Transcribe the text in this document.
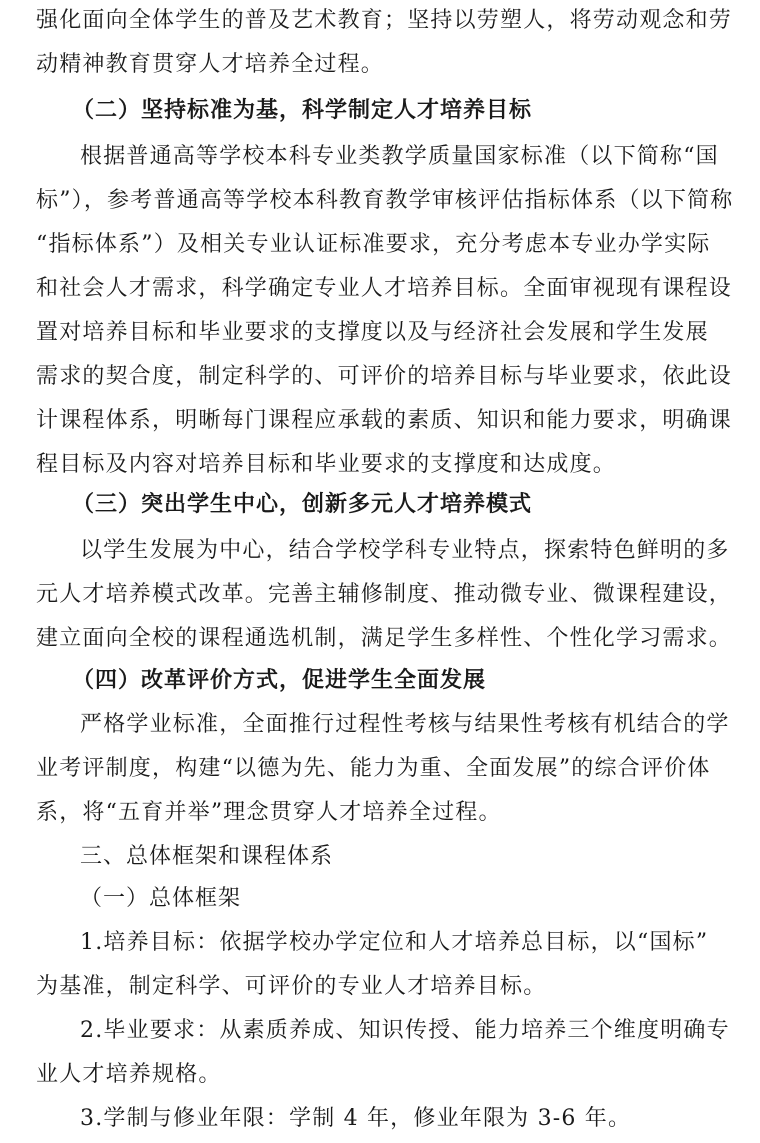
强化面向全体学生的普及艺术教育；坚持以劳塑人，将劳动观念和劳
动精神教育贯穿人才培养全过程。
（二）坚持标准为基，科学制定人才培养目标
根据普通高等学校本科专业类教学质量国家标准（以下简称“国
标”），参考普通高等学校本科教育教学审核评估指标体系（以下简称
“指标体系”）及相关专业认证标准要求，充分考虑本专业办学实际
和社会人才需求，科学确定专业人才培养目标。全面审视现有课程设
置对培养目标和毕业要求的支撑度以及与经济社会发展和学生发展
需求的契合度，制定科学的、可评价的培养目标与毕业要求，依此设
计课程体系，明晰每门课程应承载的素质、知识和能力要求，明确课
程目标及内容对培养目标和毕业要求的支撑度和达成度。
（三）突出学生中心，创新多元人才培养模式
以学生发展为中心，结合学校学科专业特点，探索特色鲜明的多
元人才培养模式改革。完善主辅修制度、推动微专业、微课程建设，
建立面向全校的课程通选机制，满足学生多样性、个性化学习需求。
（四）改革评价方式，促进学生全面发展
严格学业标准，全面推行过程性考核与结果性考核有机结合的学
业考评制度，构建“以德为先、能力为重、全面发展”的综合评价体
系，将“五育并举”理念贯穿人才培养全过程。
三、总体框架和课程体系
（一）总体框架
1.培养目标：依据学校办学定位和人才培养总目标，以“国标”
为基准，制定科学、可评价的专业人才培养目标。
2.毕业要求：从素质养成、知识传授、能力培养三个维度明确专
业人才培养规格。
3.学制与修业年限：学制 4 年，修业年限为 3-6 年。
